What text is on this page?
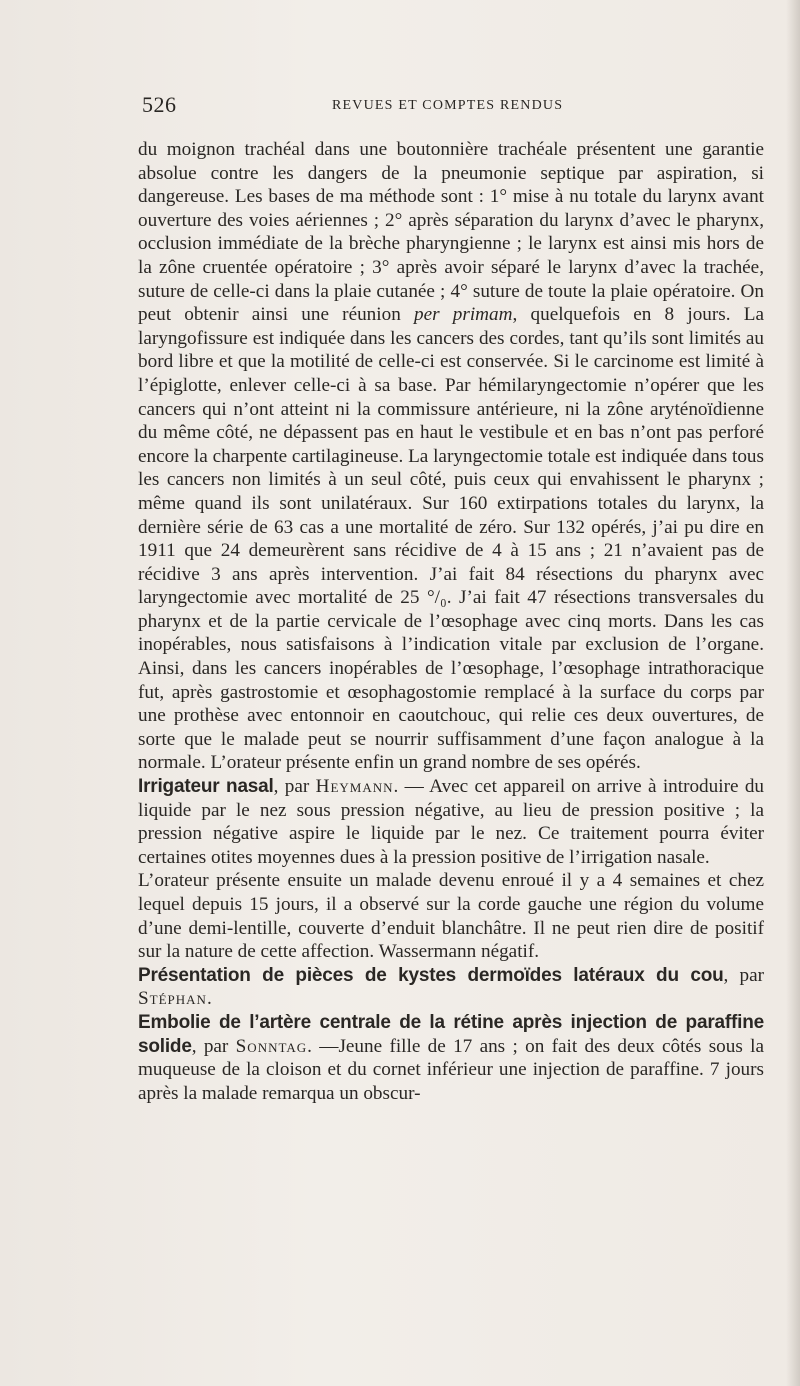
526	REVUES ET COMPTES RENDUS

du moignon trachéal dans une boutonnière trachéale présentent une garantie absolue contre les dangers de la pneumonie septique par aspiration, si dangereuse. Les bases de ma méthode sont : 1° mise à nu totale du larynx avant ouverture des voies aériennes ; 2° après séparation du larynx d’avec le pharynx, occlusion immédiate de la brèche pharyngienne ; le larynx est ainsi mis hors de la zône cruentée opératoire ; 3° après avoir séparé le larynx d’avec la trachée, suture de celle-ci dans la plaie cutanée ; 4° suture de toute la plaie opératoire. On peut obtenir ainsi une réunion per primam, quelquefois en 8 jours. La laryngofissure est indiquée dans les cancers des cordes, tant qu’ils sont limités au bord libre et que la motilité de celle-ci est conservée. Si le carcinome est limité à l’épiglotte, enlever celle-ci à sa base. Par hémilaryngectomie n’opérer que les cancers qui n’ont atteint ni la commissure antérieure, ni la zône aryténoïdienne du même côté, ne dépassent pas en haut le vestibule et en bas n’ont pas perforé encore la charpente cartilagineuse. La laryngectomie totale est indiquée dans tous les cancers non limités à un seul côté, puis ceux qui envahissent le pharynx ; même quand ils sont unilatéraux. Sur 160 extirpations totales du larynx, la dernière série de 63 cas a une mortalité de zéro. Sur 132 opérés, j’ai pu dire en 1911 que 24 demeurèrent sans récidive de 4 à 15 ans ; 21 n’avaient pas de récidive 3 ans après intervention. J’ai fait 84 résections du pharynx avec laryngectomie avec mortalité de 25 °/₀. J’ai fait 47 résections transversales du pharynx et de la partie cervicale de l’œsophage avec cinq morts. Dans les cas inopérables, nous satisfaisons à l’indication vitale par exclusion de l’organe. Ainsi, dans les cancers inopérables de l’œsophage, l’œsophage intrathoracique fut, après gastrostomie et œsophagostomie remplacé à la surface du corps par une prothèse avec entonnoir en caoutchouc, qui relie ces deux ouvertures, de sorte que le malade peut se nourrir suffisamment d’une façon analogue à la normale. L’orateur présente enfin un grand nombre de ses opérés.

Irrigateur nasal, par Heymann. — Avec cet appareil on arrive à introduire du liquide par le nez sous pression négative, au lieu de pression positive ; la pression négative aspire le liquide par le nez. Ce traitement pourra éviter certaines otites moyennes dues à la pression positive de l’irrigation nasale.

L’orateur présente ensuite un malade devenu enroué il y a 4 semaines et chez lequel depuis 15 jours, il a observé sur la corde gauche une région du volume d’une demi-lentille, couverte d’enduit blanchâtre. Il ne peut rien dire de positif sur la nature de cette affection. Wassermann négatif.

Présentation de pièces de kystes dermoïdes latéraux du cou, par Stéphan.

Embolie de l’artère centrale de la rétine après injection de paraffine solide, par Sonntag. —Jeune fille de 17 ans ; on fait des deux côtés sous la muqueuse de la cloison et du cornet inférieur une injection de paraffine. 7 jours après la malade remarqua un obscur-
